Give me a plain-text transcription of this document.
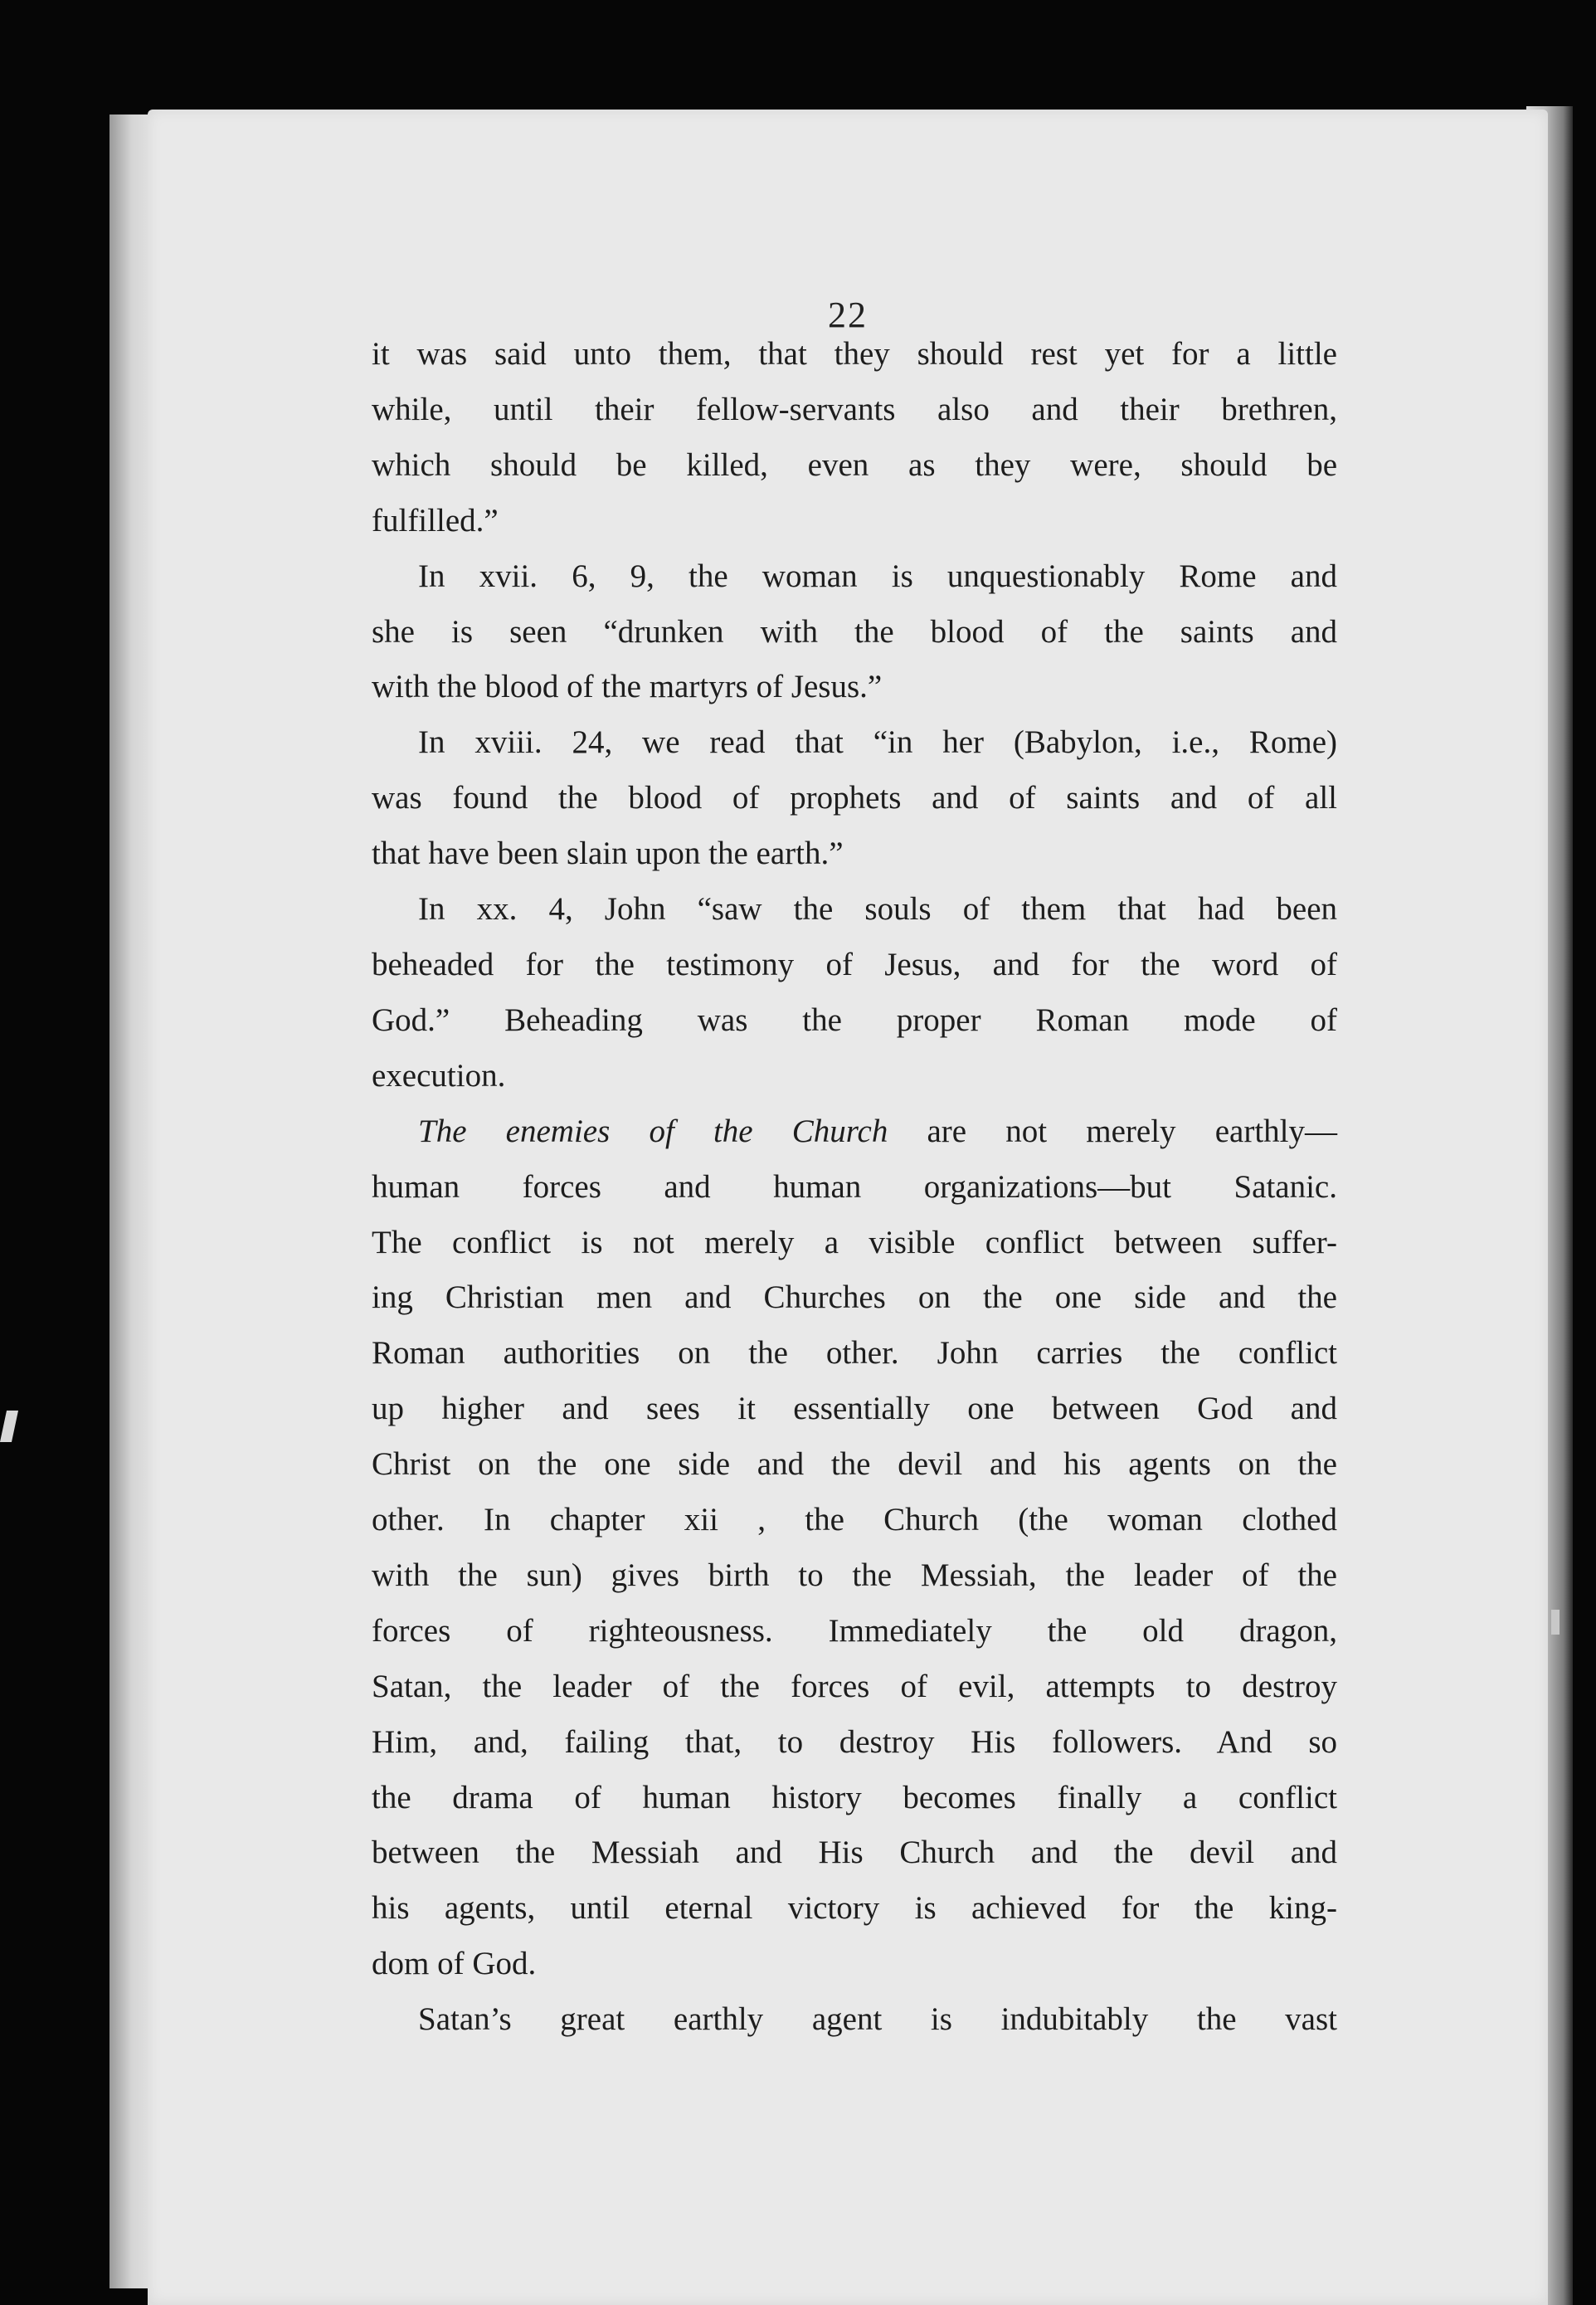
22

it was said unto them, that they should rest yet for a little

while, until their fellow-servants also and their brethren,

which should be killed, even as they were, should be

fulfilled.”

In xvii. 6, 9, the woman is unquestionably Rome and

she is seen “drunken with the blood of the saints and

with the blood of the martyrs of Jesus.”

In xviii. 24, we read that “in her (Babylon, i.e., Rome)

was found the blood of prophets and of saints and of all

that have been slain upon the earth.”

In xx. 4, John “saw the souls of them that had been

beheaded for the testimony of Jesus, and for the word of

God.” Beheading was the proper Roman mode of

execution.

The enemies of the Church are not merely earthly—

human forces and human organizations—but Satanic.

The conflict is not merely a visible conflict between suffer-

ing Christian men and Churches on the one side and the

Roman authorities on the other. John carries the conflict

up higher and sees it essentially one between God and

Christ on the one side and the devil and his agents on the

other. In chapter xii , the Church (the woman clothed

with the sun) gives birth to the Messiah, the leader of the

forces of righteousness. Immediately the old dragon,

Satan, the leader of the forces of evil, attempts to destroy

Him, and, failing that, to destroy His followers. And so

the drama of human history becomes finally a conflict

between the Messiah and His Church and the devil and

his agents, until eternal victory is achieved for the king-

dom of God.

Satan’s great earthly agent is indubitably the vast
